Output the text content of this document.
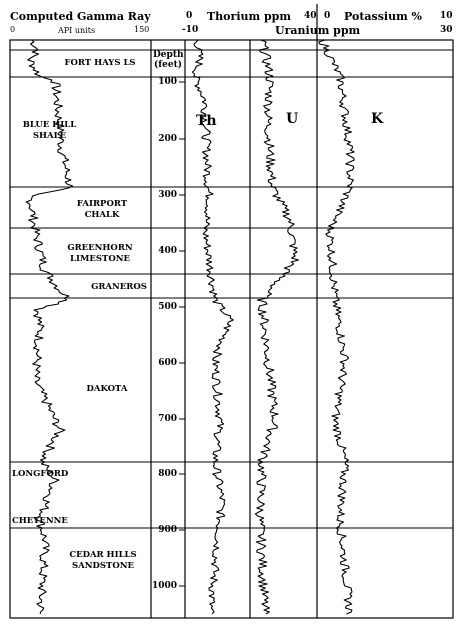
Computed Gamma Ray
0	API units	150
0 Thorium ppm 40 0 Potassium % 10
-10	Uranium ppm	30
Depth
(feet)
100
200
300
400
500
600
700
800
900
1000
FORT HAYS LS
BLUE HILL
SHALE
FAIRPORT
CHALK
GREENHORN
LIMESTONE
GRANEROS
DAKOTA
LONGFORD
CHEYENNE
CEDAR HILLS
SANDSTONE
Th	U	K
